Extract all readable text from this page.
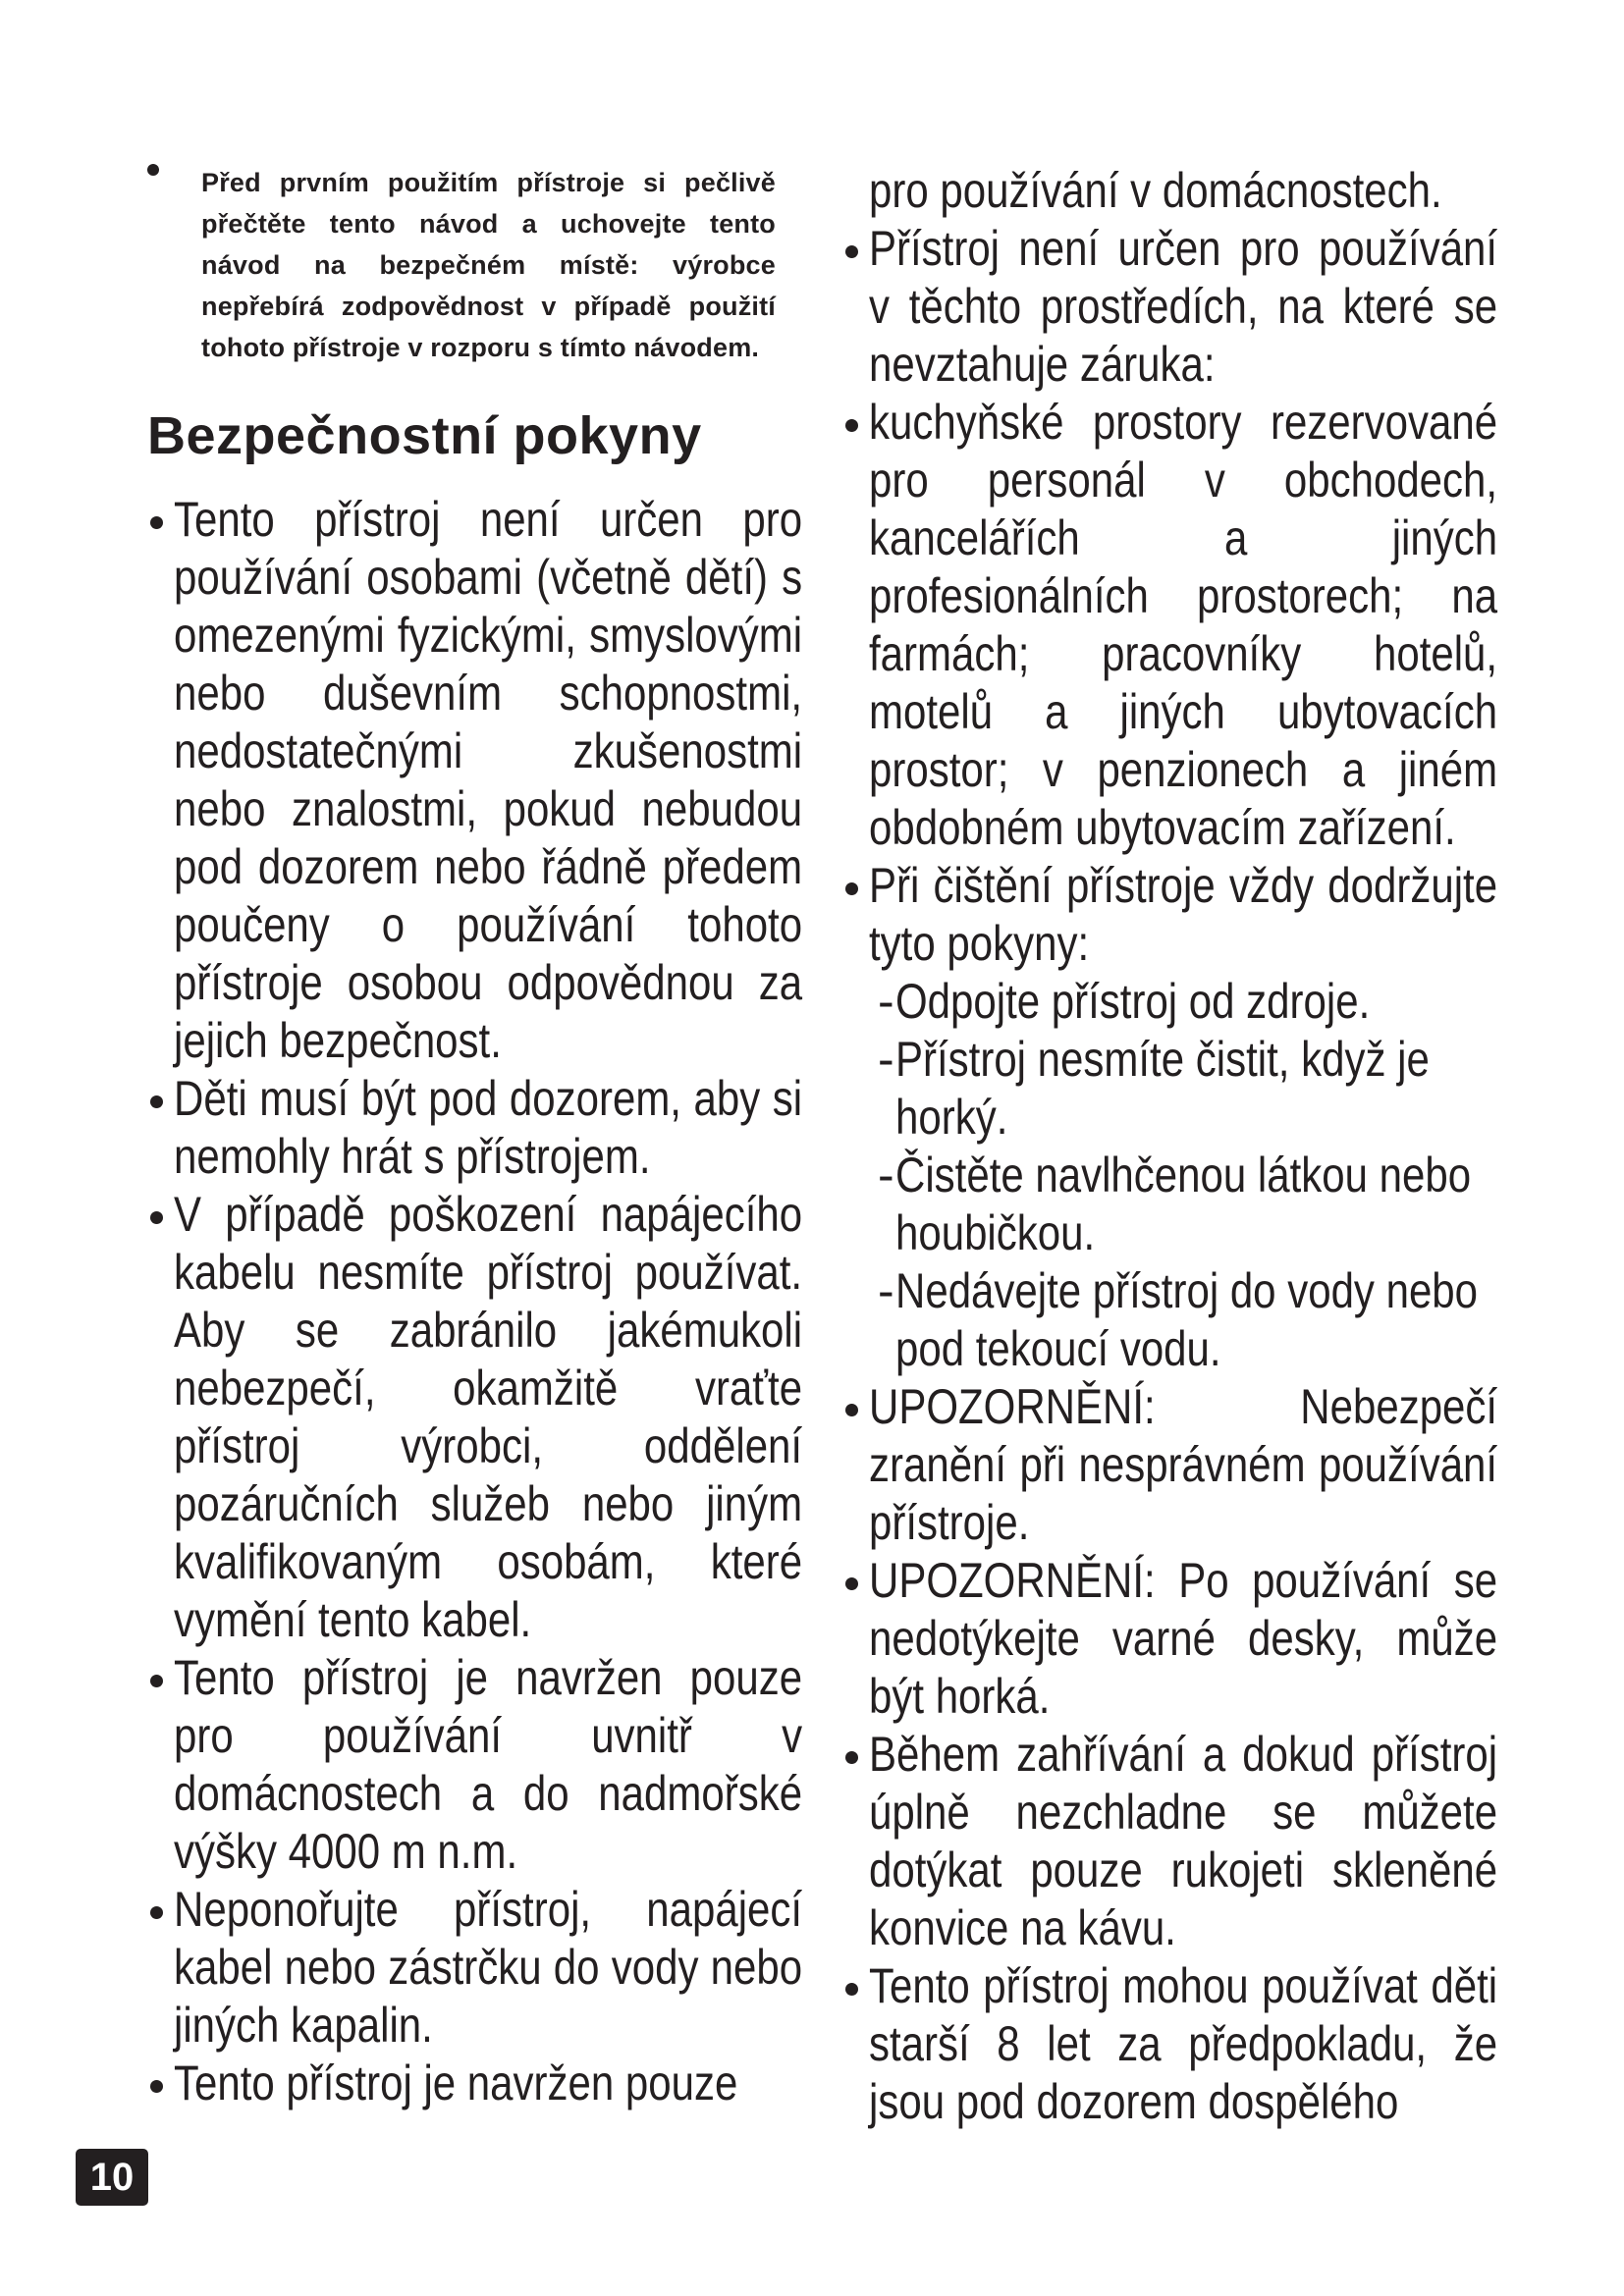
Před prvním použitím přístroje si pečlivě přečtěte tento návod a uchovejte tento návod na bezpečném místě: výrobce nepřebírá zodpovědnost v případě použití tohoto přístroje v rozporu s tímto návodem.
Bezpečnostní pokyny
Tento přístroj není určen pro používání osobami (včetně dětí) s omezenými fyzickými, smyslovými nebo duševním schopnostmi, nedostatečnými zkušenostmi nebo znalostmi, pokud nebudou pod dozorem nebo řádně předem poučeny o používání tohoto přístroje osobou odpovědnou za jejich bezpečnost.
Děti musí být pod dozorem, aby si nemohly hrát s přístrojem.
V případě poškození napájecího kabelu nesmíte přístroj používat. Aby se zabránilo jakémukoli nebezpečí, okamžitě vraťte přístroj výrobci, oddělení pozáručních služeb nebo jiným kvalifikovaným osobám, které vymění tento kabel.
Tento přístroj je navržen pouze pro používání uvnitř v domácnostech a do nadmořské výšky 4000 m n.m.
Neponořujte přístroj, napájecí kabel nebo zástrčku do vody nebo jiných kapalin.
Tento přístroj je navržen pouze
pro používání v domácnostech.
Přístroj není určen pro používání v těchto prostředích, na které se nevztahuje záruka:
kuchyňské prostory rezervované pro personál v obchodech, kancelářích a jiných profesionálních prostorech; na farmách; pracovníky hotelů, motelů a jiných ubytovacích prostor; v penzionech a jiném obdobném ubytovacím zařízení.
Při čištění přístroje vždy dodržujte tyto pokyny:
- Odpojte přístroj od zdroje.
- Přístroj nesmíte čistit, když je horký.
- Čistěte navlhčenou látkou nebo houbičkou.
- Nedávejte přístroj do vody nebo pod tekoucí vodu.
UPOZORNĚNÍ: Nebezpečí zranění při nesprávném používání přístroje.
UPOZORNĚNÍ: Po používání se nedotýkejte varné desky, může být horká.
Během zahřívání a dokud přístroj úplně nezchladne se můžete dotýkat pouze rukojeti skleněné konvice na kávu.
Tento přístroj mohou používat děti starší 8 let za předpokladu, že jsou pod dozorem dospělého
10
